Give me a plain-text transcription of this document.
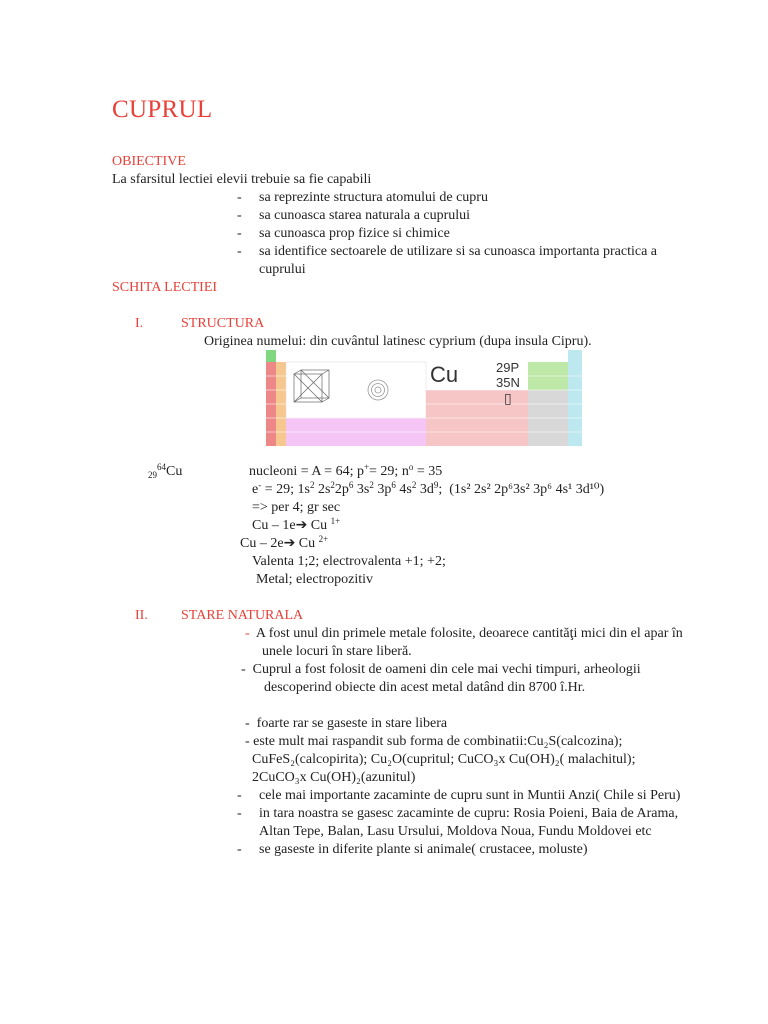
CUPRUL
OBIECTIVE
La sfarsitul lectiei elevii trebuie sa fie capabili
- sa reprezinte structura atomului de cupru
- sa cunoasca starea naturala a cuprului
- sa cunoasca prop fizice si chimice
- sa identifice sectoarele de utilizare si sa cunoasca importanta practica a
cuprului
SCHITA LECTIEI
I.	STRUCTURA
Originea numelui: din cuvântul latinesc cyprium (dupa insula Cipru).
Cu	29P
35N
▯
$_{29}^{64}$Cu	nucleoni = A = 64; p+= 29; $n^o = 35$
e- = 29; $1s^2$ $2s^22p^6$ $3s^2$ $3p^6$ $4s^2$ $3d^9$;  (1s² 2s² 2p⁶3s² 3p⁶ 4s¹ 3d¹⁰)
=> per 4; gr sec
Cu – 1e➔ Cu $^{1+}$
Cu – 2e➔ Cu $^{2+}$
Valenta 1;2; electrovalenta +1; +2;
Metal; electropozitiv
II. STARE NATURALA
- A fost unul din primele metale folosite, deoarece cantităţi mici din el apar în
unele locuri în stare liberă.
- Cuprul a fost folosit de oameni din cele mai vechi timpuri, arheologii
descoperind obiecte din acest metal datând din 8700 î.Hr.
-  foarte rar se gaseste in stare libera
- este mult mai raspandit sub forma de combinatii:Cu₂S(calcozina);
CuFeS₂(calcopirita); Cu₂O(cupritul; CuCO₃x Cu(OH)₂( malachitul);
2CuCO₃x Cu(OH)₂(azunitul)
- cele mai importante zacaminte de cupru sunt in Muntii Anzi( Chile si Peru)
- in tara noastra se gasesc zacaminte de cupru: Rosia Poieni, Baia de Arama,
Altan Tepe, Balan, Lasu Ursului, Moldova Noua, Fundu Moldovei etc
- se gaseste in diferite plante si animale( crustacee, moluste)
